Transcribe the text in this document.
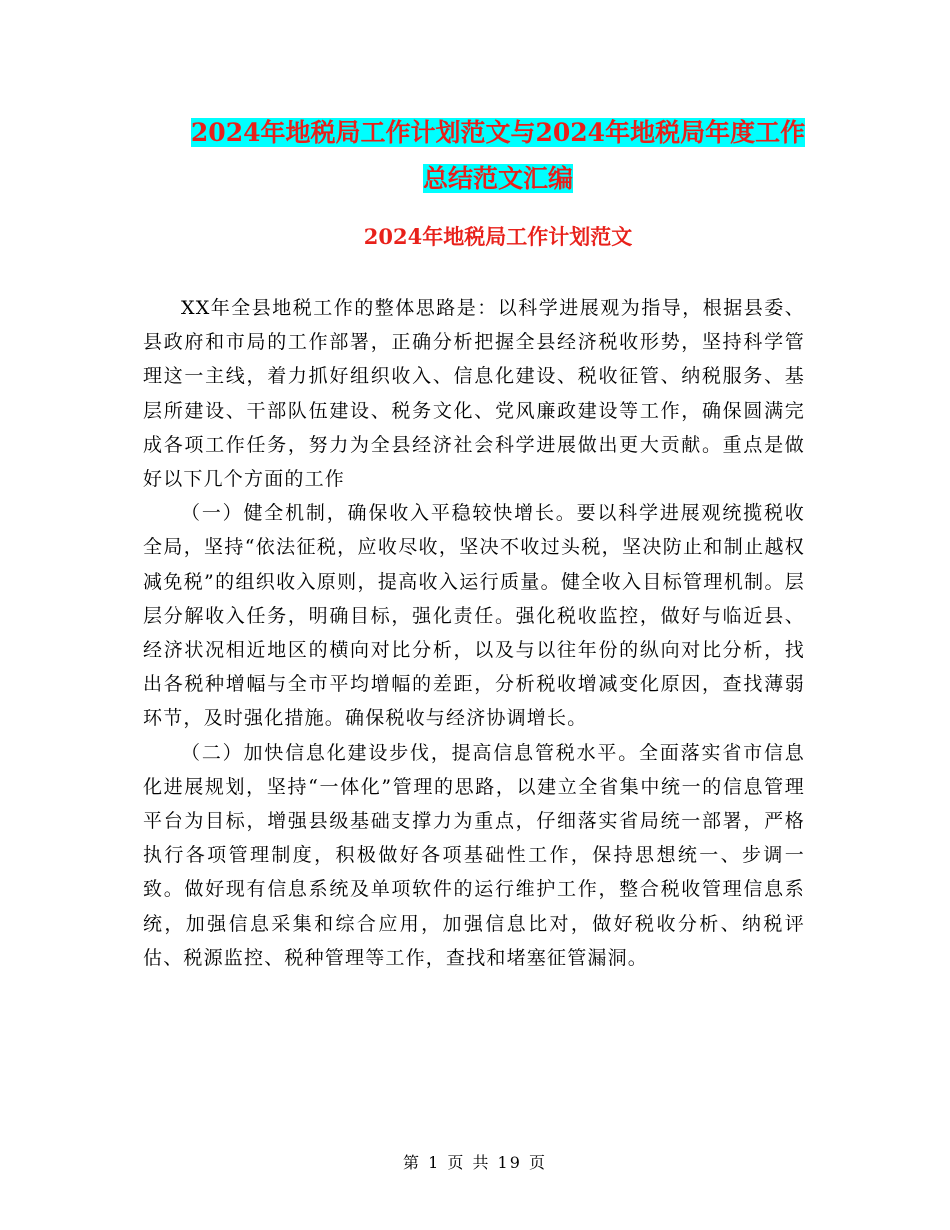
2024年地税局工作计划范文与2024年地税局年度工作
总结范文汇编
2024年地税局工作计划范文

XX年全县地税工作的整体思路是：以科学进展观为指导，根据县委、县政府和市局的工作部署，正确分析把握全县经济税收形势，坚持科学管理这一主线，着力抓好组织收入、信息化建设、税收征管、纳税服务、基层所建设、干部队伍建设、税务文化、党风廉政建设等工作，确保圆满完成各项工作任务，努力为全县经济社会科学进展做出更大贡献。重点是做好以下几个方面的工作

（一）健全机制，确保收入平稳较快增长。要以科学进展观统揽税收全局，坚持“依法征税，应收尽收，坚决不收过头税，坚决防止和制止越权减免税”的组织收入原则，提高收入运行质量。健全收入目标管理机制。层层分解收入任务，明确目标，强化责任。强化税收监控，做好与临近县、经济状况相近地区的横向对比分析，以及与以往年份的纵向对比分析，找出各税种增幅与全市平均增幅的差距，分析税收增减变化原因，查找薄弱环节，及时强化措施。确保税收与经济协调增长。

（二）加快信息化建设步伐，提高信息管税水平。全面落实省市信息化进展规划，坚持“一体化”管理的思路，以建立全省集中统一的信息管理平台为目标，增强县级基础支撑力为重点，仔细落实省局统一部署，严格执行各项管理制度，积极做好各项基础性工作，保持思想统一、步调一致。做好现有信息系统及单项软件的运行维护工作，整合税收管理信息系统，加强信息采集和综合应用，加强信息比对，做好税收分析、纳税评估、税源监控、税种管理等工作，查找和堵塞征管漏洞。

第 1 页 共 19 页
